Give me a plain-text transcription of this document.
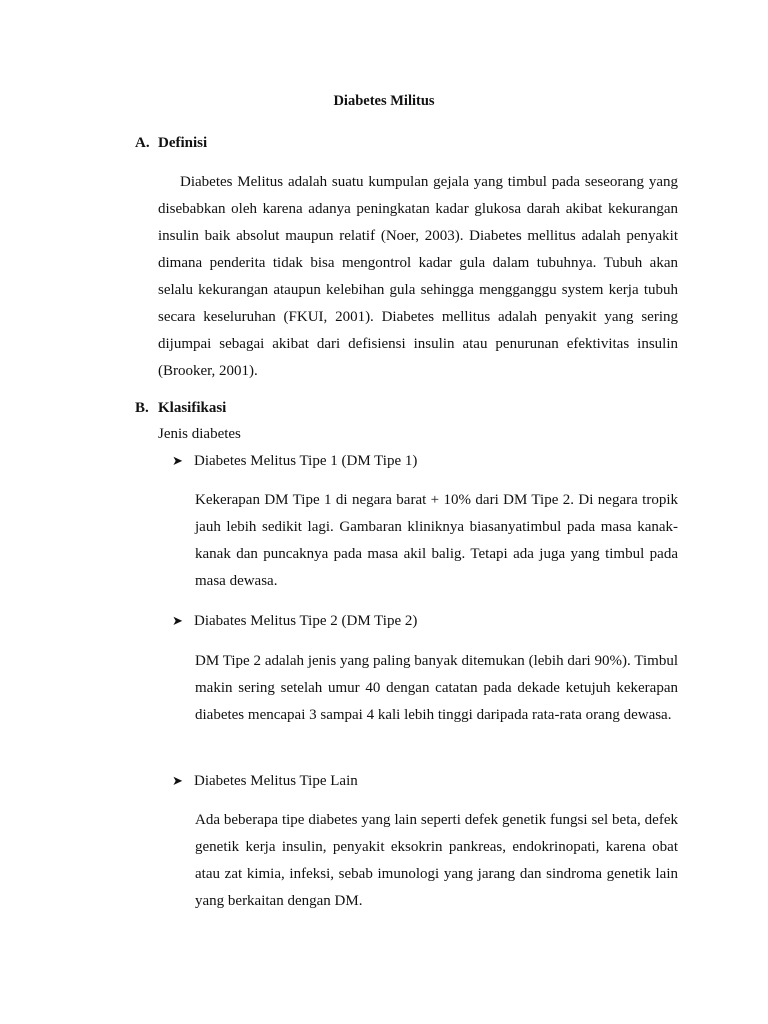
Diabetes Militus
A. Definisi

Diabetes Melitus adalah suatu kumpulan gejala yang timbul pada seseorang yang disebabkan oleh karena adanya peningkatan kadar glukosa darah akibat kekurangan insulin baik absolut maupun relatif (Noer, 2003). Diabetes mellitus adalah penyakit dimana penderita tidak bisa mengontrol kadar gula dalam tubuhnya. Tubuh akan selalu kekurangan ataupun kelebihan gula sehingga mengganggu system kerja tubuh secara keseluruhan (FKUI, 2001). Diabetes mellitus adalah penyakit yang sering dijumpai sebagai akibat dari defisiensi insulin atau penurunan efektivitas insulin (Brooker, 2001).

B. Klasifikasi

Jenis diabetes

➤ Diabetes Melitus Tipe 1 (DM Tipe 1)

Kekerapan DM Tipe 1 di negara barat + 10% dari DM Tipe 2. Di negara tropik jauh lebih sedikit lagi. Gambaran kliniknya biasanyatimbul pada masa kanak-kanak dan puncaknya pada masa akil balig. Tetapi ada juga yang timbul pada masa dewasa.

➤ Diabates Melitus Tipe 2 (DM Tipe 2)

DM Tipe 2 adalah jenis yang paling banyak ditemukan (lebih dari 90%). Timbul makin sering setelah umur 40 dengan catatan pada dekade ketujuh kekerapan diabetes mencapai 3 sampai 4 kali lebih tinggi daripada rata-rata orang dewasa.

➤ Diabetes Melitus Tipe Lain

Ada beberapa tipe diabetes yang lain seperti defek genetik fungsi sel beta, defek genetik kerja insulin, penyakit eksokrin pankreas, endokrinopati, karena obat atau zat kimia, infeksi, sebab imunologi yang jarang dan sindroma genetik lain yang berkaitan dengan DM.
